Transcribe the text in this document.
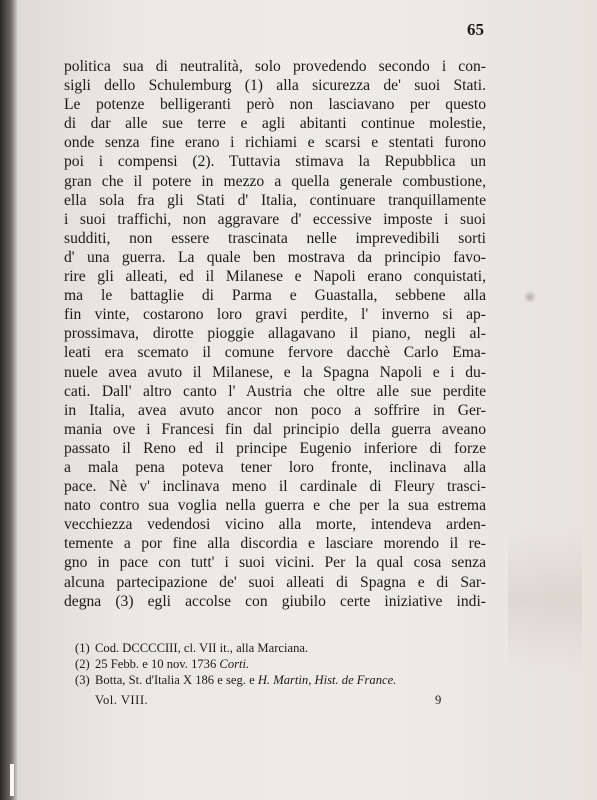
65
politica sua di neutralità, solo provedendo secondo i con-
sigli dello Schulemburg (1) alla sicurezza de' suoi Stati.
Le potenze belligeranti però non lasciavano per questo
di dar alle sue terre e agli abitanti continue molestie,
onde senza fine erano i richiami e scarsi e stentati furono
poi i compensi (2). Tuttavia stimava la Repubblica un
gran che il potere in mezzo a quella generale combustione,
ella sola fra gli Stati d' Italia, continuare tranquillamente
i suoi traffichi, non aggravare d' eccessive imposte i suoi
sudditi, non essere trascinata nelle imprevedibili sorti
d' una guerra. La quale ben mostrava da principio favo-
rire gli alleati, ed il Milanese e Napoli erano conquistati,
ma le battaglie di Parma e Guastalla, sebbene alla
fin vinte, costarono loro gravi perdite, l' inverno si ap-
prossimava, dirotte pioggie allagavano il piano, negli al-
leati era scemato il comune fervore dacchè Carlo Ema-
nuele avea avuto il Milanese, e la Spagna Napoli e i du-
cati. Dall' altro canto l' Austria che oltre alle sue perdite
in Italia, avea avuto ancor non poco a soffrire in Ger-
mania ove i Francesi fin dal principio della guerra aveano
passato il Reno ed il principe Eugenio inferiore di forze
a mala pena poteva tener loro fronte, inclinava alla
pace. Nè v' inclinava meno il cardinale di Fleury trasci-
nato contro sua voglia nella guerra e che per la sua estrema
vecchiezza vedendosi vicino alla morte, intendeva arden-
temente a por fine alla discordia e lasciare morendo il re-
gno in pace con tutt' i suoi vicini. Per la qual cosa senza
alcuna partecipazione de' suoi alleati di Spagna e di Sar-
degna (3) egli accolse con giubilo certe iniziative indi-
(1) Cod. DCCCCIII, cl. VII it., alla Marciana.
(2) 25 Febb. e 10 nov. 1736 Corti.
(3) Botta, St. d'Italia X 186 e seg. e H. Martin, Hist. de France.
Vol. VIII.	9
